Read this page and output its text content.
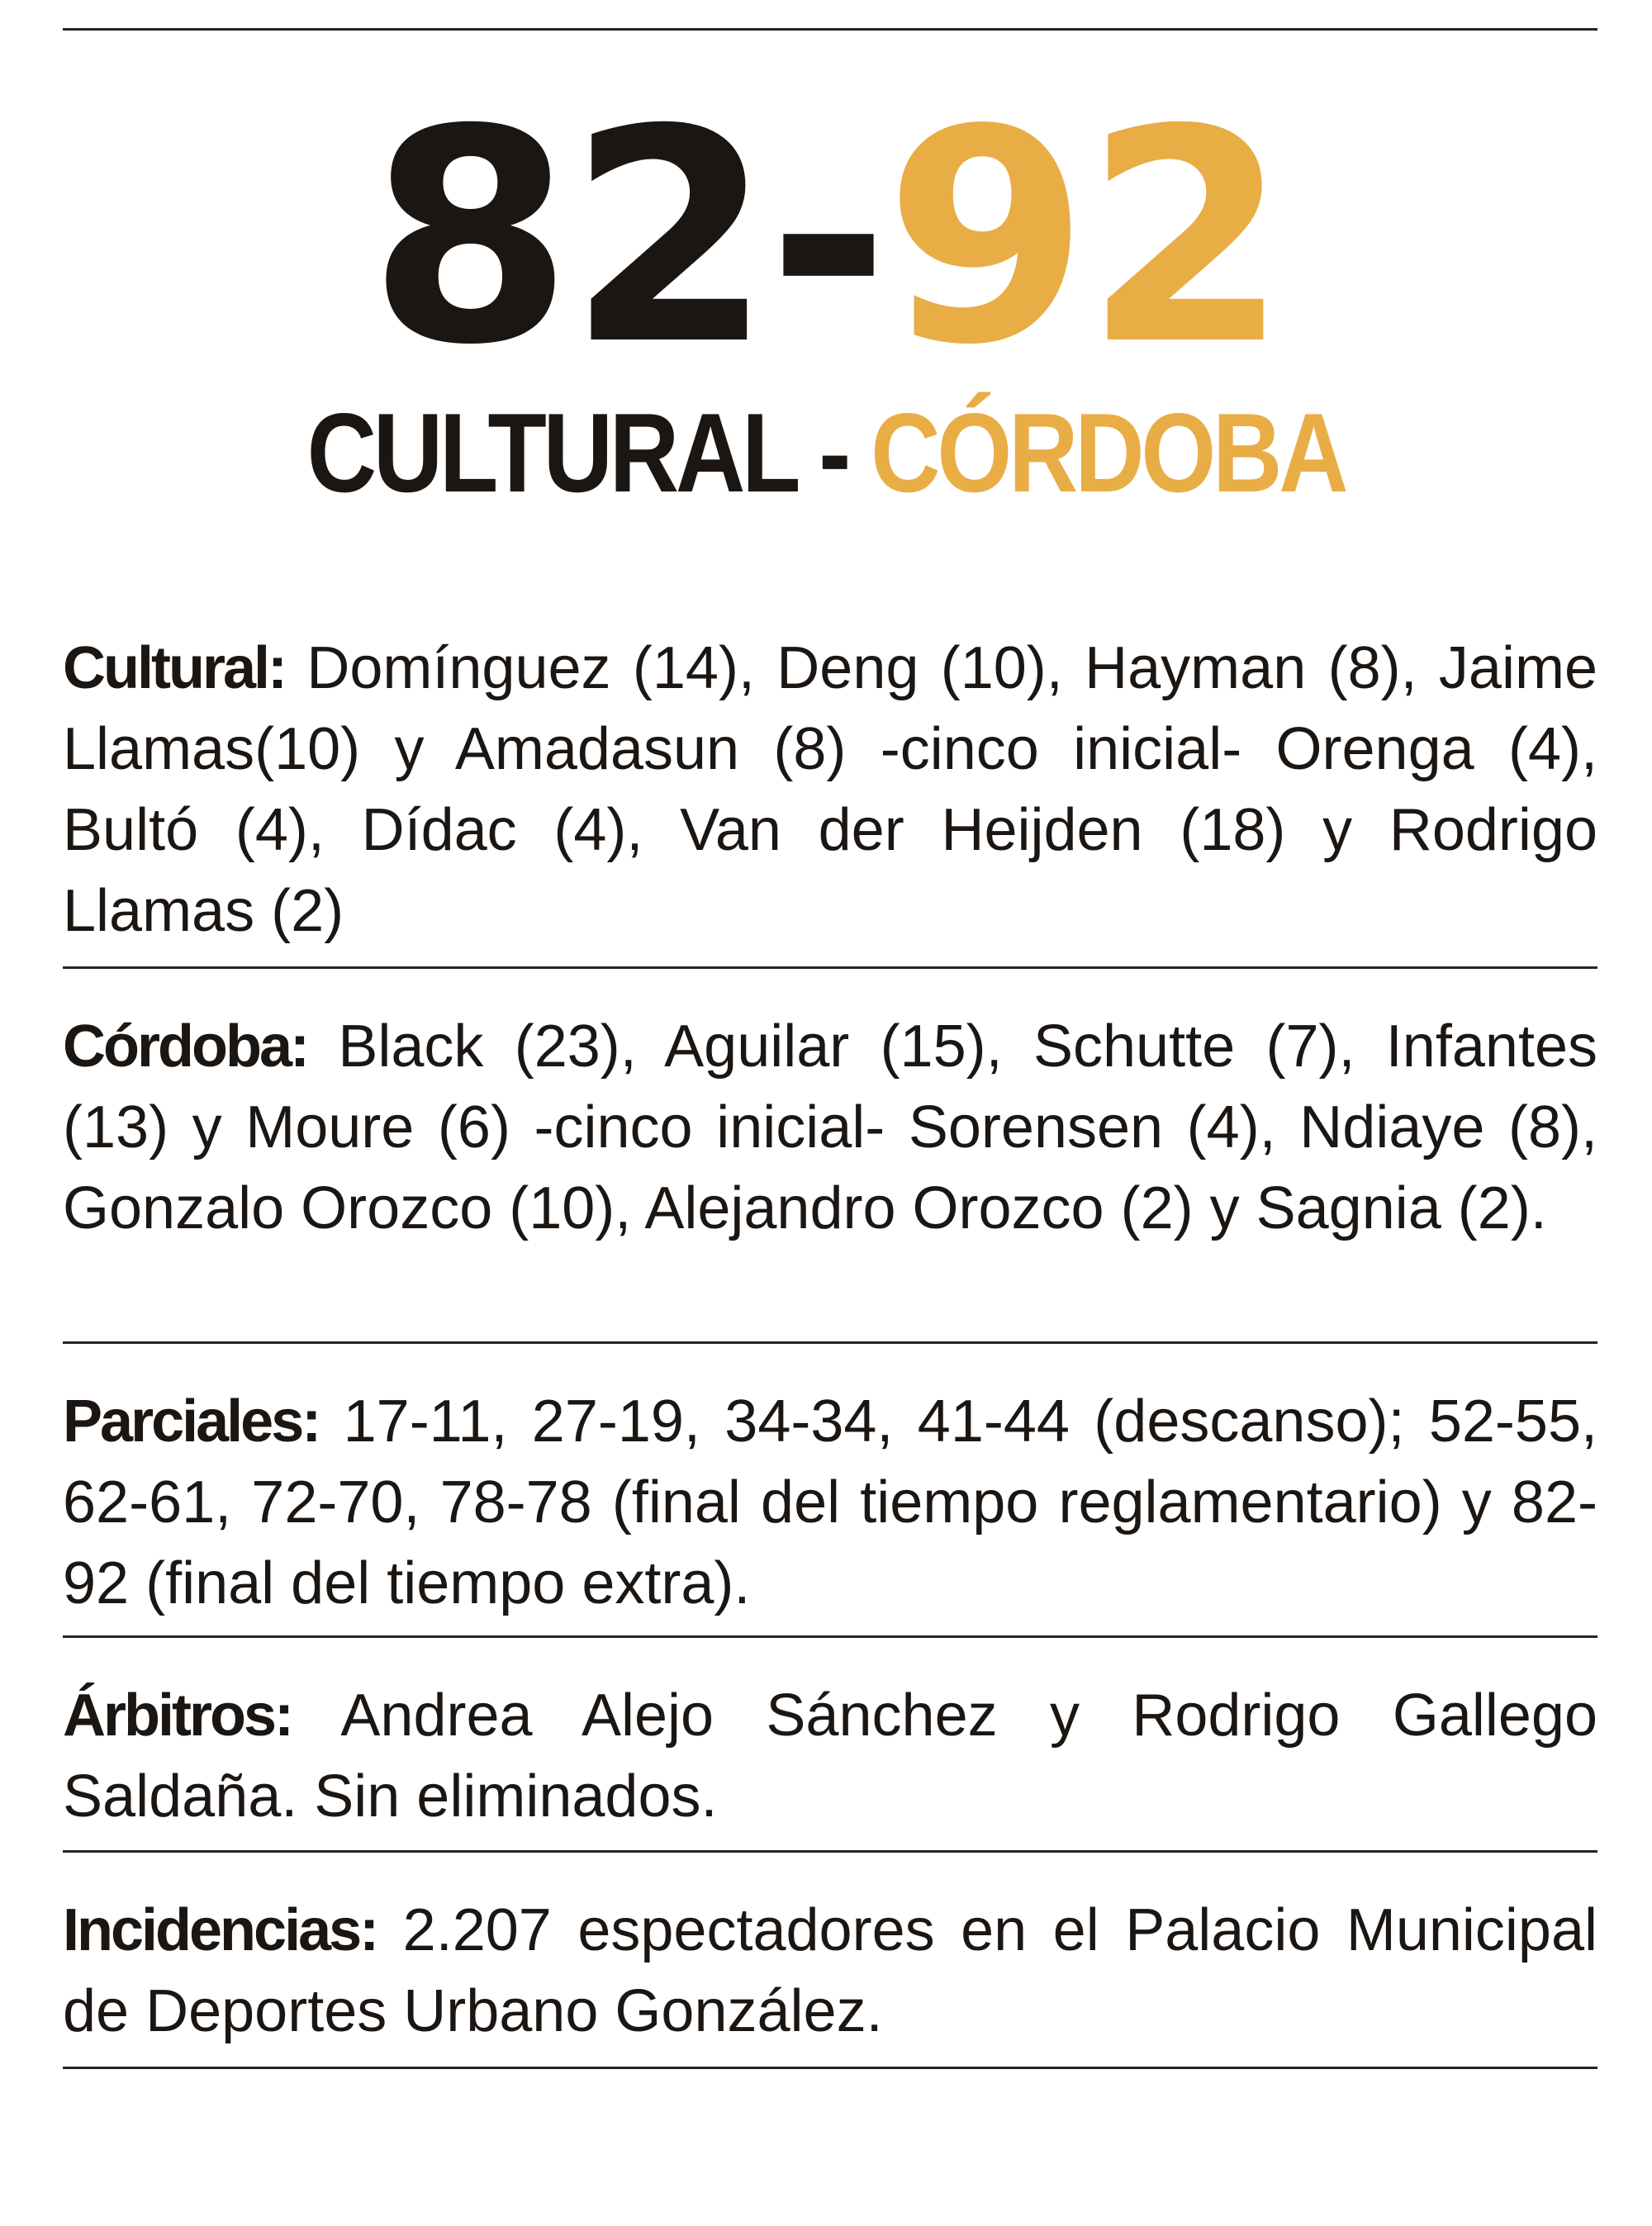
82-92
CULTURAL - CÓRDOBA
Cultural: Domínguez (14), Deng (10), Hayman (8), Jaime Llamas(10) y Amadasun (8) -cinco inicial- Orenga (4), Bultó (4), Dídac (4), Van der Heijden (18) y Rodrigo Llamas (2)
Córdoba: Black (23), Aguilar (15), Schutte (7), Infantes (13) y Moure (6) -cinco inicial- Sorensen (4), Ndiaye (8), Gonzalo Orozco (10), Alejandro Orozco (2) y Sagnia (2).
Parciales: 17-11, 27-19, 34-34, 41-44 (descanso); 52-55, 62-61, 72-70, 78-78 (final del tiempo reglamentario) y 82-92 (final del tiempo extra).
Árbitros: Andrea Alejo Sánchez y Rodrigo Gallego Saldaña. Sin eliminados.
Incidencias: 2.207 espectadores en el Palacio Municipal de Deportes Urbano González.
